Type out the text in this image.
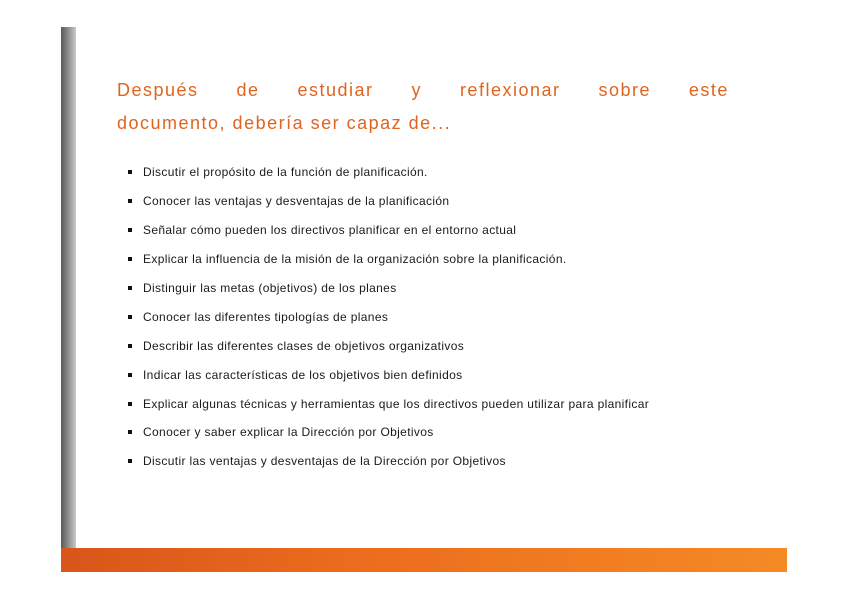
Después de estudiar y reflexionar sobre este
documento, debería ser capaz de...
Discutir el propósito de la función de planificación.
Conocer las ventajas y desventajas de la planificación
Señalar cómo pueden los directivos planificar en el entorno actual
Explicar la influencia de la misión de la organización sobre la planificación.
Distinguir las metas (objetivos) de los planes
Conocer las diferentes tipologías de planes
Describir las diferentes clases de objetivos organizativos
Indicar las características de los objetivos bien definidos
Explicar algunas técnicas y herramientas que los directivos pueden utilizar para planificar
Conocer y saber explicar la Dirección por Objetivos
Discutir las ventajas y desventajas de la Dirección por Objetivos
